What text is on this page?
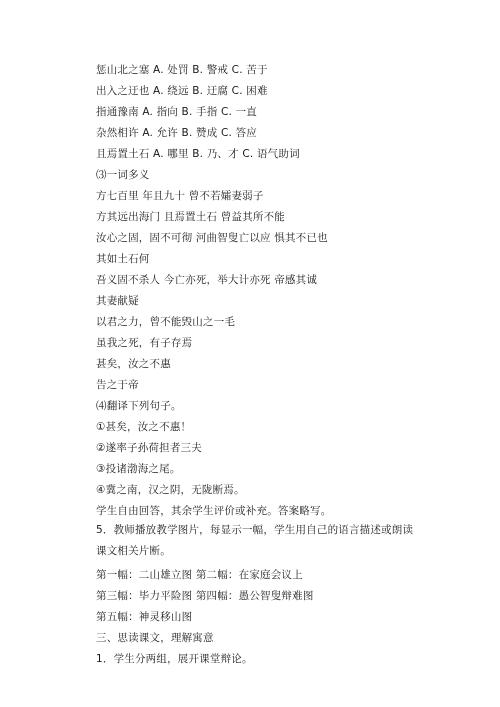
惩山北之塞 A. 处罚 B. 警戒 C. 苦于
出入之迂也 A. 绕远 B. 迂腐 C. 困难
指通豫南 A. 指向 B. 手指 C. 一直
杂然相许 A. 允许 B. 赞成 C. 答应
且焉置土石 A. 哪里 B. 乃、才 C. 语气助词
⑶一词多义
方七百里 年且九十 曾不若孀妻弱子
方其远出海门 且焉置土石 曾益其所不能
汝心之固，固不可彻 河曲智叟亡以应 惧其不已也
其如土石何
吾义固不杀人 今亡亦死，举大计亦死 帝感其诚
其妻献疑
以君之力，曾不能毁山之一毛
虽我之死，有子存焉
甚矣，汝之不惠
告之于帝
⑷翻译下列句子。
①甚矣，汝之不惠！
②遂率子孙荷担者三夫
③投诸渤海之尾。
④冀之南，汉之阴，无陇断焉。
学生自由回答，其余学生评价或补充。答案略写。
5．教师播放教学图片，每显示一幅，学生用自己的语言描述或朗读课文相关片断。
第一幅：二山雄立图 第二幅：在家庭会议上
第三幅：毕力平险图 第四幅：愚公智叟辩难图
第五幅：神灵移山图
三、思读课文，理解寓意
1．学生分两组，展开课堂辩论。
